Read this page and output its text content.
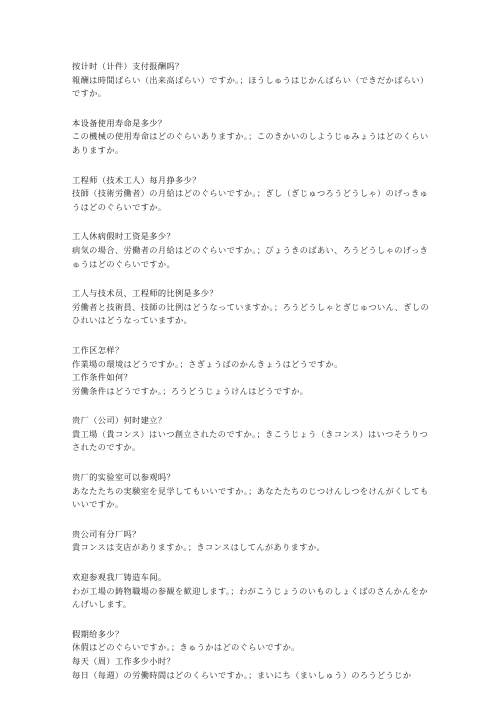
按计时（计件）支付报酬吗？
報酬は時間ばらい（出来高ばらい）ですか。；ほうしゅうはじかんばらい（できだかばらい）ですか。
本设备使用寿命是多少？
この機械の使用寿命はどのぐらいありますか。；このきかいのしようじゅみょうはどのくらいありますか。
工程师（技术工人）每月挣多少？
技師（技術労働者）の月給はどのぐらいですか。；ぎし（ぎじゅつろうどうしゃ）のげっきゅうはどのぐらいですか。
工人休病假时工资是多少？
病気の場合、労働者の月給はどのぐらいですか。；びょうきのばあい、ろうどうしゃのげっきゅうはどのぐらいですか。
工人与技术员、工程师的比例是多少？
労働者と技術員、技師の比例はどうなっていますか。；ろうどうしゃとぎじゅついん、ぎしのひれいはどうなっていますか。
工作区怎样？
作業場の環境はどうですか。；さぎょうばのかんきょうはどうですか。
工作条件如何？
労働条件はどうですか。；ろうどうじょうけんはどうですか。
贵厂（公司）何时建立？
貴工場（貴コンス）はいつ創立されたのですか。；きこうじょう（きコンス）はいつそうりつされたのですか。
贵厂的实验室可以参观吗？
あなたたちの実験室を見学してもいいですか。；あなたたちのじつけんしつをけんがくしてもいいですか。
贵公司有分厂吗？
貴コンスは支店がありますか。；きコンスはしてんがありますか。
欢迎参观我厂铸造车间。
わが工場の鋳物職場の参観を歓迎します。；わがこうじょうのいものしょくばのさんかんをかんげいします。
假期给多少？
休假はどのぐらいですか。；きゅうかはどのぐらいですか。
每天（周）工作多少小时？
毎日（每週）の労働時間はどのくらいですか。；まいにち（まいしゅう）のろうどうじか
